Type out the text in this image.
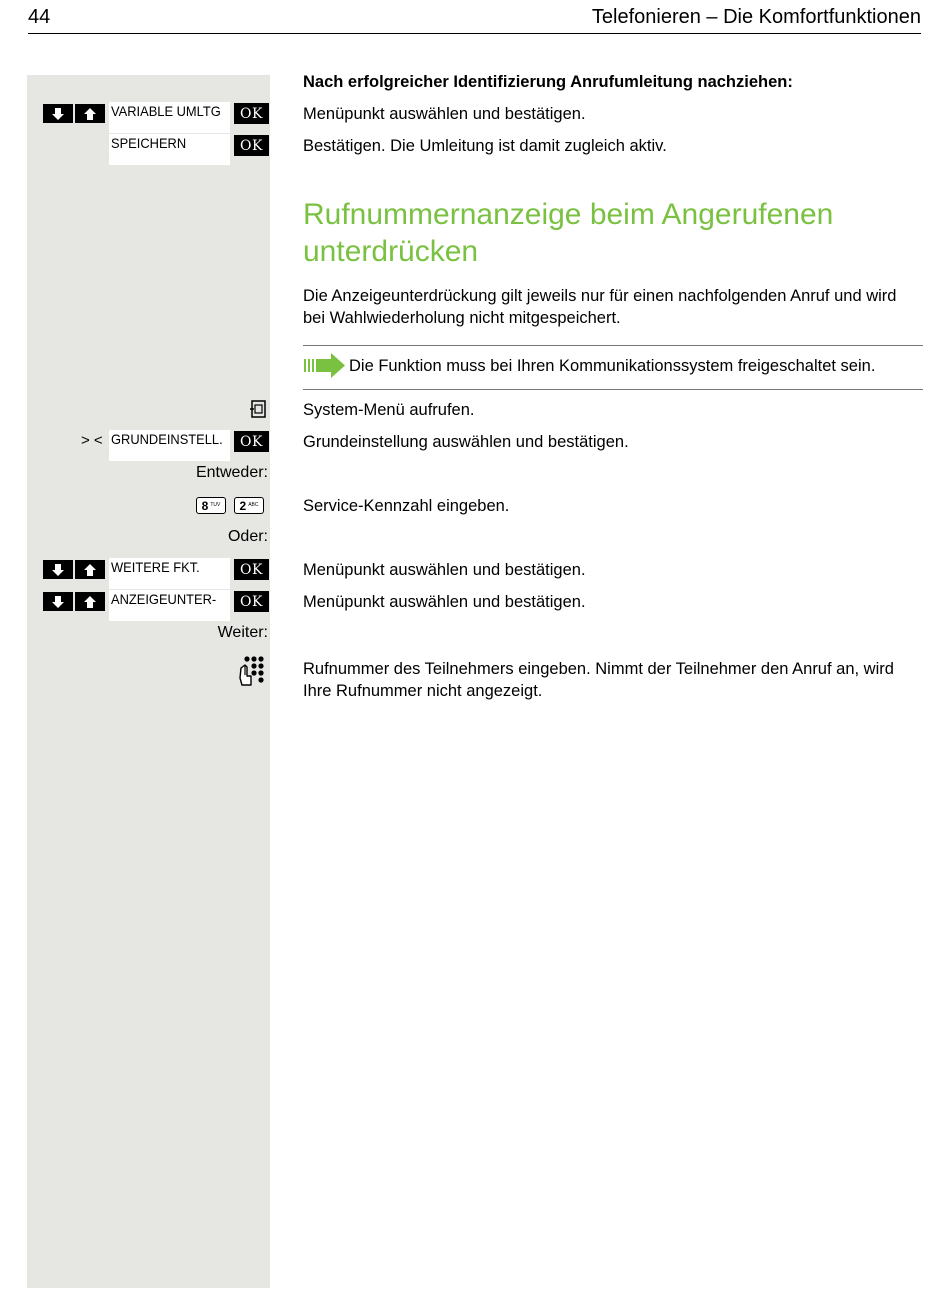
44	Telefonieren – Die Komfortfunktionen
Nach erfolgreicher Identifizierung Anrufumleitung nachziehen:
VARIABLE UMLTG	OK	Menüpunkt auswählen und bestätigen.
SPEICHERN	OK	Bestätigen. Die Umleitung ist damit zugleich aktiv.
Rufnummernanzeige beim Angerufenen unterdrücken
Die Anzeigeunterdrückung gilt jeweils nur für einen nachfolgenden Anruf und wird bei Wahlwiederholung nicht mitgespeichert.
Die Funktion muss bei Ihren Kommunikationssystem freigeschaltet sein.
System-Menü aufrufen.
> < GRUNDEINSTELL.	OK	Grundeinstellung auswählen und bestätigen.
Entweder:
8 TUV 2 ABC	Service-Kennzahl eingeben.
Oder:
WEITERE FKT.	OK	Menüpunkt auswählen und bestätigen.
ANZEIGEUNTER-	OK	Menüpunkt auswählen und bestätigen.
Weiter:
Rufnummer des Teilnehmers eingeben. Nimmt der Teilnehmer den Anruf an, wird Ihre Rufnummer nicht angezeigt.
